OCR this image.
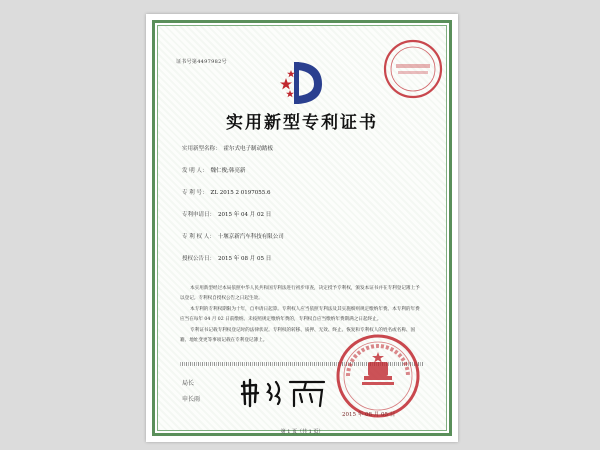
证书号第4497982号
实用新型专利证书
实用新型名称： 霍尔式电子制动踏板
发 明 人： 魏仁俊;韩亮新
专 利 号： ZL 2015 2 0197055.6
专利申请日： 2015 年 04 月 02 日
专 利 权 人： 十堰京新汽车科技有限公司
授权公告日： 2015 年 08 月 05 日
本实用新型经过本局依照中华人民共和国专利法进行初步审查，决定授予专利权，颁发本证书并在专利登记簿上予以登记。专利权自授权公告之日起生效。
本专利的专利权期限为十年，自申请日起算。专利权人应当依照专利法及其实施细则规定缴纳年费。本专利的年费应当在每年 04 月 02 日前缴纳。未按照规定缴纳年费的，专利权自应当缴纳年费期满之日起终止。
专利证书记载专利权登记时的法律状况。专利权的转移、质押、无效、终止、恢复和专利权人的姓名或名称、国籍、地址变更等事项记载在专利登记簿上。
局长
申长雨
2015 年 08 月 05 日
第 1 页（共 1 页）
